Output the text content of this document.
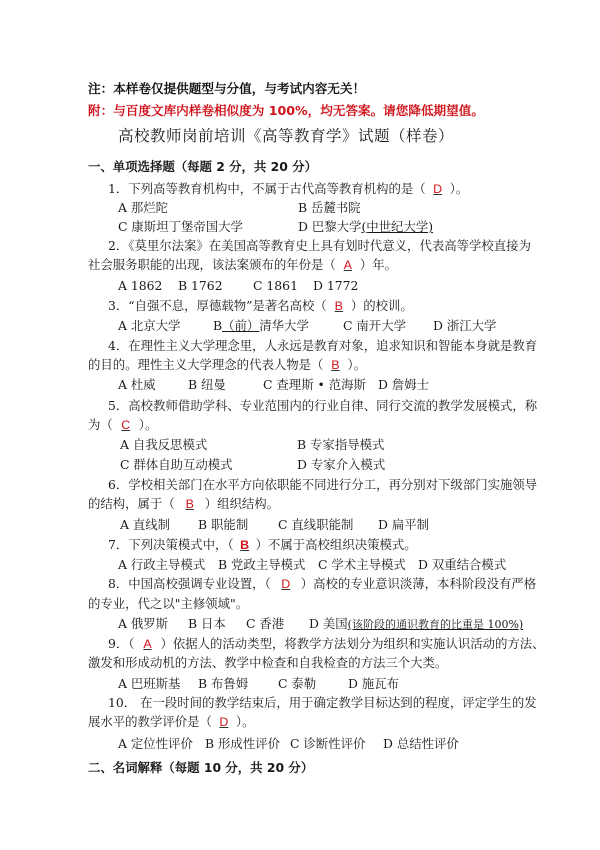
注：本样卷仅提供题型与分值，与考试内容无关！
附：与百度文库内样卷相似度为 100%，均无答案。请您降低期望值。
高校教师岗前培训《高等教育学》试题（样卷）
一、单项选择题（每题 2 分，共 20 分）
1．下列高等教育机构中，不属于古代高等教育机构的是（ D ）。
A 那烂陀	B 岳麓书院
C 康斯坦丁堡帝国大学	D 巴黎大学(中世纪大学)
2．《莫里尔法案》在美国高等教育史上具有划时代意义，代表高等学校直接为
社会服务职能的出现，该法案颁布的年份是（ A ）年。
A 1862 B 1762 C 1861 D 1772
3．“自强不息，厚德载物”是著名高校（ B ）的校训。
A 北京大学	B（前）清华大学	C 南开大学 D 浙江大学
4．在理性主义大学理念里，人永远是教育对象，追求知识和智能本身就是教育
的目的。理性主义大学理念的代表人物是（ B ）。
A 杜威	B 纽曼	C 查理斯 • 范海斯 D 詹姆士
5．高校教师借助学科、专业范围内的行业自律、同行交流的教学发展模式，称
为（ C ）。
A 自我反思模式	B 专家指导模式
C 群体自助互动模式	D 专家介入模式
6．学校相关部门在水平方向依职能不同进行分工，再分别对下级部门实施领导
的结构，属于（ B ）组织结构。
A 直线制 B 职能制 C 直线职能制 D 扁平制
7．下列决策模式中，（ B ）不属于高校组织决策模式。
A 行政主导模式 B 党政主导模式 C 学术主导模式 D 双重结合模式
8．中国高校强调专业设置，（ D ）高校的专业意识淡薄，本科阶段没有严格
的专业，代之以"主修领域"。
A 俄罗斯 B 日本 C 香港 D 美国(该阶段的通识教育的比重是 100%)
9．（ A ）依据人的活动类型，将教学方法划分为组织和实施认识活动的方法、
激发和形成动机的方法、教学中检查和自我检查的方法三个大类。
A 巴班斯基 B 布鲁姆 C 泰勒	D 施瓦布
10． 在一段时间的教学结束后，用于确定教学目标达到的程度，评定学生的发
展水平的教学评价是（ D ）。
A 定位性评价 B 形成性评价 C 诊断性评价 D 总结性评价
二、名词解释（每题 10 分，共 20 分）
